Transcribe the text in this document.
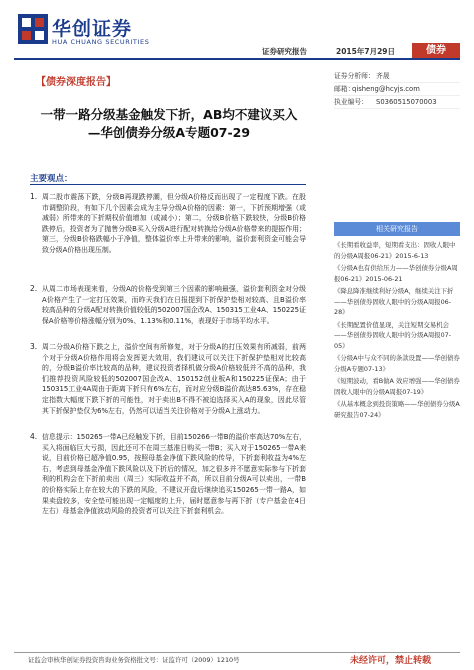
华创证券
HUA CHUANG SECURITIES
证券研究报告	2015年7月29日	债券
【债券深度报告】
一带一路分级基金触发下折，AB均不建议买入
—华创债券分级A专题07-29
证券分析师： 齐晟
邮箱：
qisheng@hcyjs.com
执业编号： S0360515070003
主要观点：
1. 周二股市震荡下跌，分级B再现跌停潮，但分级A价格反而出现了一定程度下跌。在股市调整阶段，有如下几个因素会成为主导分级A价格的因素：第一，下折预期增强（或减弱）所带来的下折期权价值增加（或减小）；第二，分级B价格下跌较快，分级B价格跌停后，投资者为了抛售分级B买入分级A进行配对转换给分级A价格带来的提振作用；第三，分级B价格跌幅小于净值，整体溢价率上升带来的影响，溢价套利资金可能会导致分级A价格出现压制。
2. 从周二市场表现来看，分级A的价格受到第三个因素的影响最强，溢价套利资金对分级A价格产生了一定打压效果，而昨天我们在日报提到下折保护垫相对较高、且B溢价率较高品种的分级A配对转换价值较低的502007国企改A、150315工业4A、150225证保A价格等价格涨幅分别为0%、1.13%和0.11%，表现好于市场平均水平。
3. 周二分级A价格下跌之上，溢价空间有所修复，对于分级A的打压效果有所减弱，前两个对于分级A价格作用将会发挥更大效用，我们建议可以关注下折保护垫相对比较高的，分级B溢价率比较高的品种，建议投资者择机做分级A价格较低并不高的品种，我们推荐投资风险较低的502007国企改A、150152创业板A和150225证保A；由于150315工业4A周由于距离下折只有6%左右，而对应分级B溢价高达85.63%，存在稳定指数大幅度下跌下折的可能性，对于卖出B不得不被迫选择买入A的现象，因此尽管其下折保护垫仅为6%左右，仍然可以适当关注价格对于分级A上涨动力。
4. 信息提示：150265一带A已经触发下折，目前150266一带B的溢价率高达70%左右，买入将面临巨大亏损，因此还可不在周三基准日购买一带B；买入对于150265一带A来说，目前价格已超净值0.95，按照母基金净值下跌风险的传导，下折套利收益为4%左右，考虑到母基金净值下跌风险以及下折后的情况，加之很多并不愿意实际参与下折套利的机构会在下折前卖出（周三）实际收益并不高，所以目前分级A可以卖出，一带B的价格实际上存在较大的下跌的风险，不建议开盘后继续追买150265一带一路A，如果卖盘较多，安全垫可能出现一定幅度的上升，届时愿意参与再下折（专户基金在4日左右）母基金净值波动风险的投资者可以关注下折套利机会。
相关研究报告
《长期看收益率，短期看支出：固收人眼中的分级A周报06-21》2015-6-13
《分级A也有供给压力——华创债券分级A周报06-21》2015-06-21
《降息降准继续利好分级A，继续关注下折——华创债券固收人眼中的分级A周报06-28》
《长期配置价值显现，关注短期交易机会——华创债券固收人眼中的分级A周报07-05》
《分级A中与众不同的条款设置——华创债券分级A专题07-13》
《短期波动，看B做A 效应增强——华创债券固收人眼中的分级A周报07-19》
《从基本概念到投资策略——华创债券分级A研究报告07-24》
证监会审核华创证券投资咨询业务资格批文号：证监许可（2009）1210号	未经许可，禁止转载
